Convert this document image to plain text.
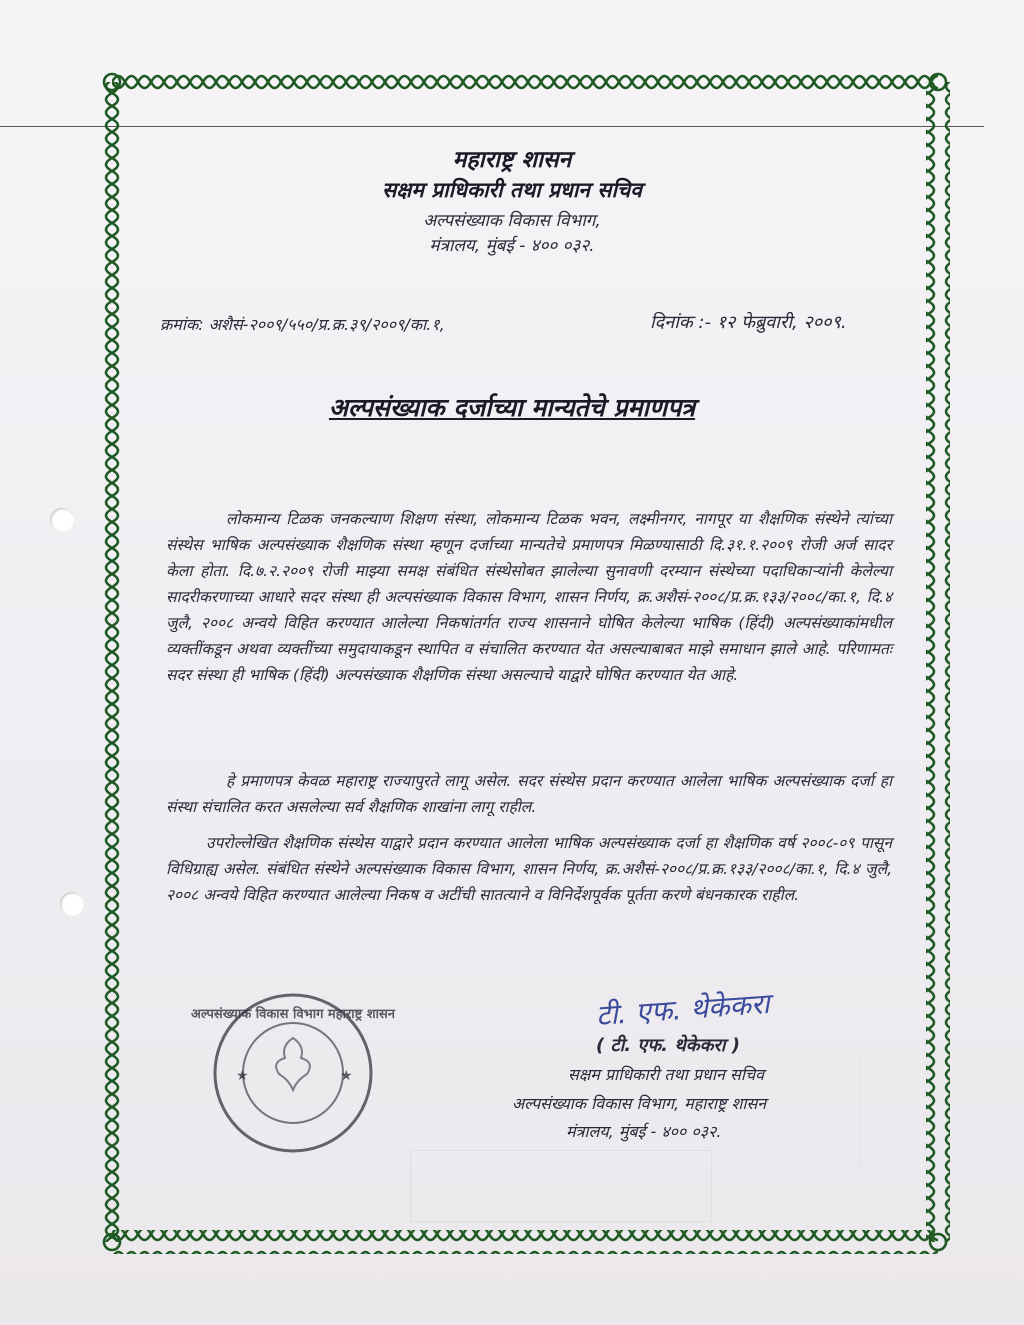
महाराष्ट्र शासन
सक्षम प्राधिकारी तथा प्रधान सचिव
अल्पसंख्याक विकास विभाग,
मंत्रालय, मुंबई - ४०० ०३२.
क्रमांक: अशैसं-२००९/५५०/प्र.क्र.३९/२००९/का.१,	दिनांक :- १२ फेब्रुवारी, २००९.
अल्पसंख्याक दर्जाच्या मान्यतेचे प्रमाणपत्र
लोकमान्य टिळक जनकल्याण शिक्षण संस्था, लोकमान्य टिळक भवन, लक्ष्मीनगर, नागपूर या शैक्षणिक संस्थेने त्यांच्या संस्थेस भाषिक अल्पसंख्याक शैक्षणिक संस्था म्हणून दर्जाच्या मान्यतेचे प्रमाणपत्र मिळण्यासाठी दि.३१.१.२००९ रोजी अर्ज सादर केला होता. दि.७.२.२००९ रोजी माझ्या समक्ष संबंधित संस्थेसोबत झालेल्या सुनावणी दरम्यान संस्थेच्या पदाधिकाऱ्यांनी केलेल्या सादरीकरणाच्या आधारे सदर संस्था ही अल्पसंख्याक विकास विभाग, शासन निर्णय, क्र.अशैसं-२००८/प्र.क्र.१३३/२००८/का.१, दि.४ जुलै, २००८ अन्वये विहित करण्यात आलेल्या निकषांतर्गत राज्य शासनाने घोषित केलेल्या भाषिक (हिंदी) अल्पसंख्याकांमधील व्यक्तींकडून अथवा व्यक्तींच्या समुदायाकडून स्थापित व संचालित करण्यात येत असल्याबाबत माझे समाधान झाले आहे. परिणामतः सदर संस्था ही भाषिक (हिंदी) अल्पसंख्याक शैक्षणिक संस्था असल्याचे याद्वारे घोषित करण्यात येत आहे.
हे प्रमाणपत्र केवळ महाराष्ट्र राज्यापुरते लागू असेल. सदर संस्थेस प्रदान करण्यात आलेला भाषिक अल्पसंख्याक दर्जा हा संस्था संचालित करत असलेल्या सर्व शैक्षणिक शाखांना लागू राहील.
उपरोल्लेखित शैक्षणिक संस्थेस याद्वारे प्रदान करण्यात आलेला भाषिक अल्पसंख्याक दर्जा हा शैक्षणिक वर्ष २००८-०९ पासून विधिग्राह्य असेल. संबंधित संस्थेने अल्पसंख्याक विकास विभाग, शासन निर्णय, क्र.अशैसं-२००८/प्र.क्र.१३३/२००८/का.१, दि.४ जुलै, २००८ अन्वये विहित करण्यात आलेल्या निकष व अटींची सातत्याने व विनिर्देशपूर्वक पूर्तता करणे बंधनकारक राहील.
अल्पसंख्याक विकास विभाग महाराष्ट्र शासन
★	★
टी. एफ. थेकेकरा
( टी. एफ. थेकेकरा )
सक्षम प्राधिकारी तथा प्रधान सचिव
अल्पसंख्याक विकास विभाग, महाराष्ट्र शासन
मंत्रालय, मुंबई - ४०० ०३२.
